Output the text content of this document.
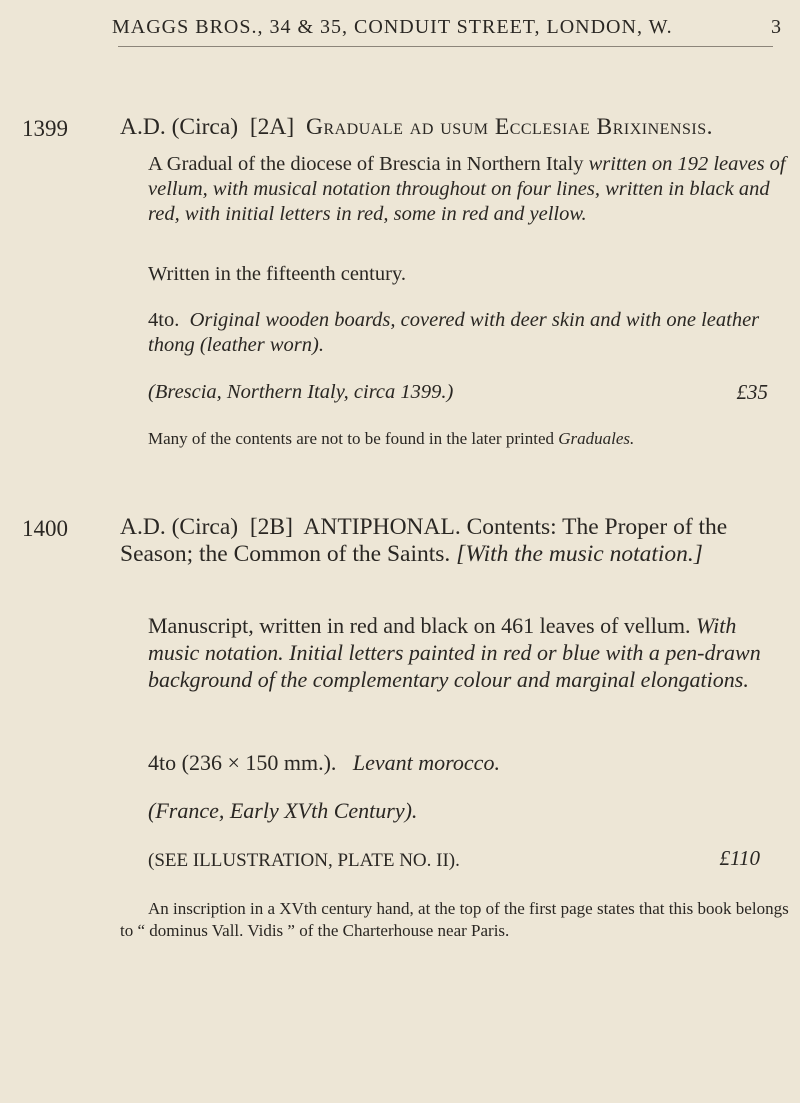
MAGGS BROS., 34 & 35, CONDUIT STREET, LONDON, W.	3
1399 A.D. (Circa) [2A] Graduale ad usum Ecclesiae Brixinensis.
A Gradual of the diocese of Brescia in Northern Italy written on 192 leaves of vellum, with musical notation throughout on four lines, written in black and red, with initial letters in red, some in red and yellow.
Written in the fifteenth century.
4to. Original wooden boards, covered with deer skin and with one leather thong (leather worn).
(Brescia, Northern Italy, circa 1399.)	£35
Many of the contents are not to be found in the later printed Graduales.
1400 A.D. (Circa) [2B] ANTIPHONAL. Contents: The Proper of the Season; the Common of the Saints. [With the music notation.]
Manuscript, written in red and black on 461 leaves of vellum. With music notation. Initial letters painted in red or blue with a pen-drawn background of the complementary colour and marginal elongations.
4to (236 × 150 mm.). Levant morocco.
(France, Early XVth Century).
(SEE ILLUSTRATION, PLATE NO. II).	£110
An inscription in a XVth century hand, at the top of the first page states that this book belongs to “ dominus Vall. Vidis ” of the Charterhouse near Paris.
